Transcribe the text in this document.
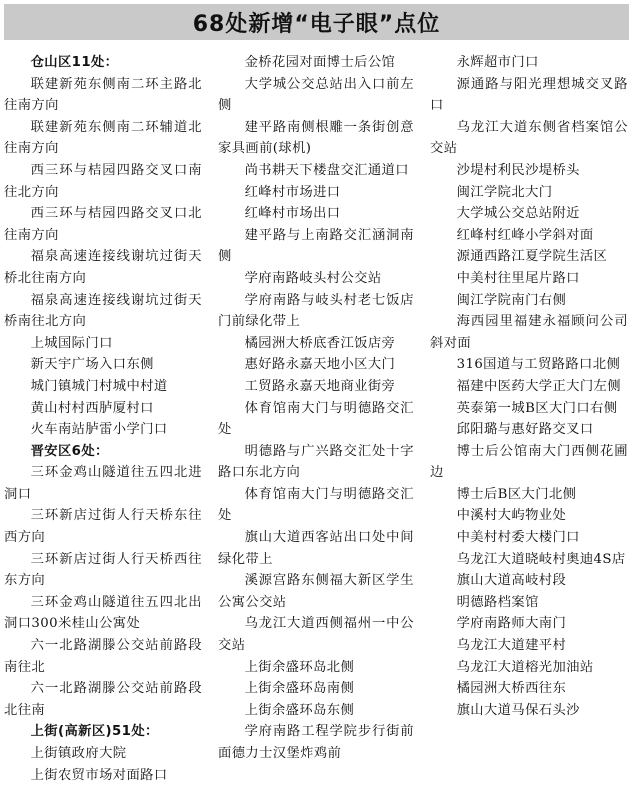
68处新增“电子眼”点位

仓山区11处：

联建新苑东侧南二环主路北往南方向

联建新苑东侧南二环辅道北往南方向

西三环与桔园四路交叉口南往北方向

西三环与桔园四路交叉口北往南方向

福泉高速连接线谢坑过街天桥北往南方向

福泉高速连接线谢坑过街天桥南往北方向

上城国际门口

新天宇广场入口东侧

城门镇城门村城中村道

黄山村村西胪厦村口

火车南站胪雷小学门口

晋安区6处：

三环金鸡山隧道往五四北进洞口

三环新店过街人行天桥东往西方向

三环新店过街人行天桥西往东方向

三环金鸡山隧道往五四北出洞口300米桂山公寓处

六一北路湖滕公交站前路段南往北

六一北路湖滕公交站前路段北往南

上街(高新区)51处：

上街镇政府大院

上街农贸市场对面路口

金桥花园对面博士后公馆

大学城公交总站出入口前左侧

建平路南侧根雕一条街创意家具画前(球机)

尚书耕天下楼盘交汇通道口

红峰村市场进口

红峰村市场出口

建平路与上南路交汇涵洞南侧

学府南路岐头村公交站

学府南路与岐头村老七饭店门前绿化带上

橘园洲大桥底香江饭店旁

惠好路永嘉天地小区大门

工贸路永嘉天地商业街旁

体育馆南大门与明德路交汇处

明德路与广兴路交汇处十字路口东北方向

体育馆南大门与明德路交汇处

旗山大道西客站出口处中间绿化带上

溪源宫路东侧福大新区学生公寓公交站

乌龙江大道西侧福州一中公交站

上街余盛环岛北侧

上街余盛环岛南侧

上街余盛环岛东侧

学府南路工程学院步行街前面德力士汉堡炸鸡前

永辉超市门口

源通路与阳光理想城交叉路口

乌龙江大道东侧省档案馆公交站

沙堤村利民沙堤桥头

闽江学院北大门

大学城公交总站附近

红峰村红峰小学斜对面

源通西路江夏学院生活区

中美村往里尾片路口

闽江学院南门右侧

海西园里福建永福顾问公司斜对面

316国道与工贸路路口北侧

福建中医药大学正大门左侧

英泰第一城B区大门口右侧

邱阳璐与惠好路交叉口

博士后公馆南大门西侧花圃边

博士后B区大门北侧

中溪村大屿物业处

中美村村委大楼门口

乌龙江大道晓岐村奥迪4S店

旗山大道高岐村段

明德路档案馆

学府南路师大南门

乌龙江大道建平村

乌龙江大道榕光加油站

橘园洲大桥西往东

旗山大道马保石头沙
